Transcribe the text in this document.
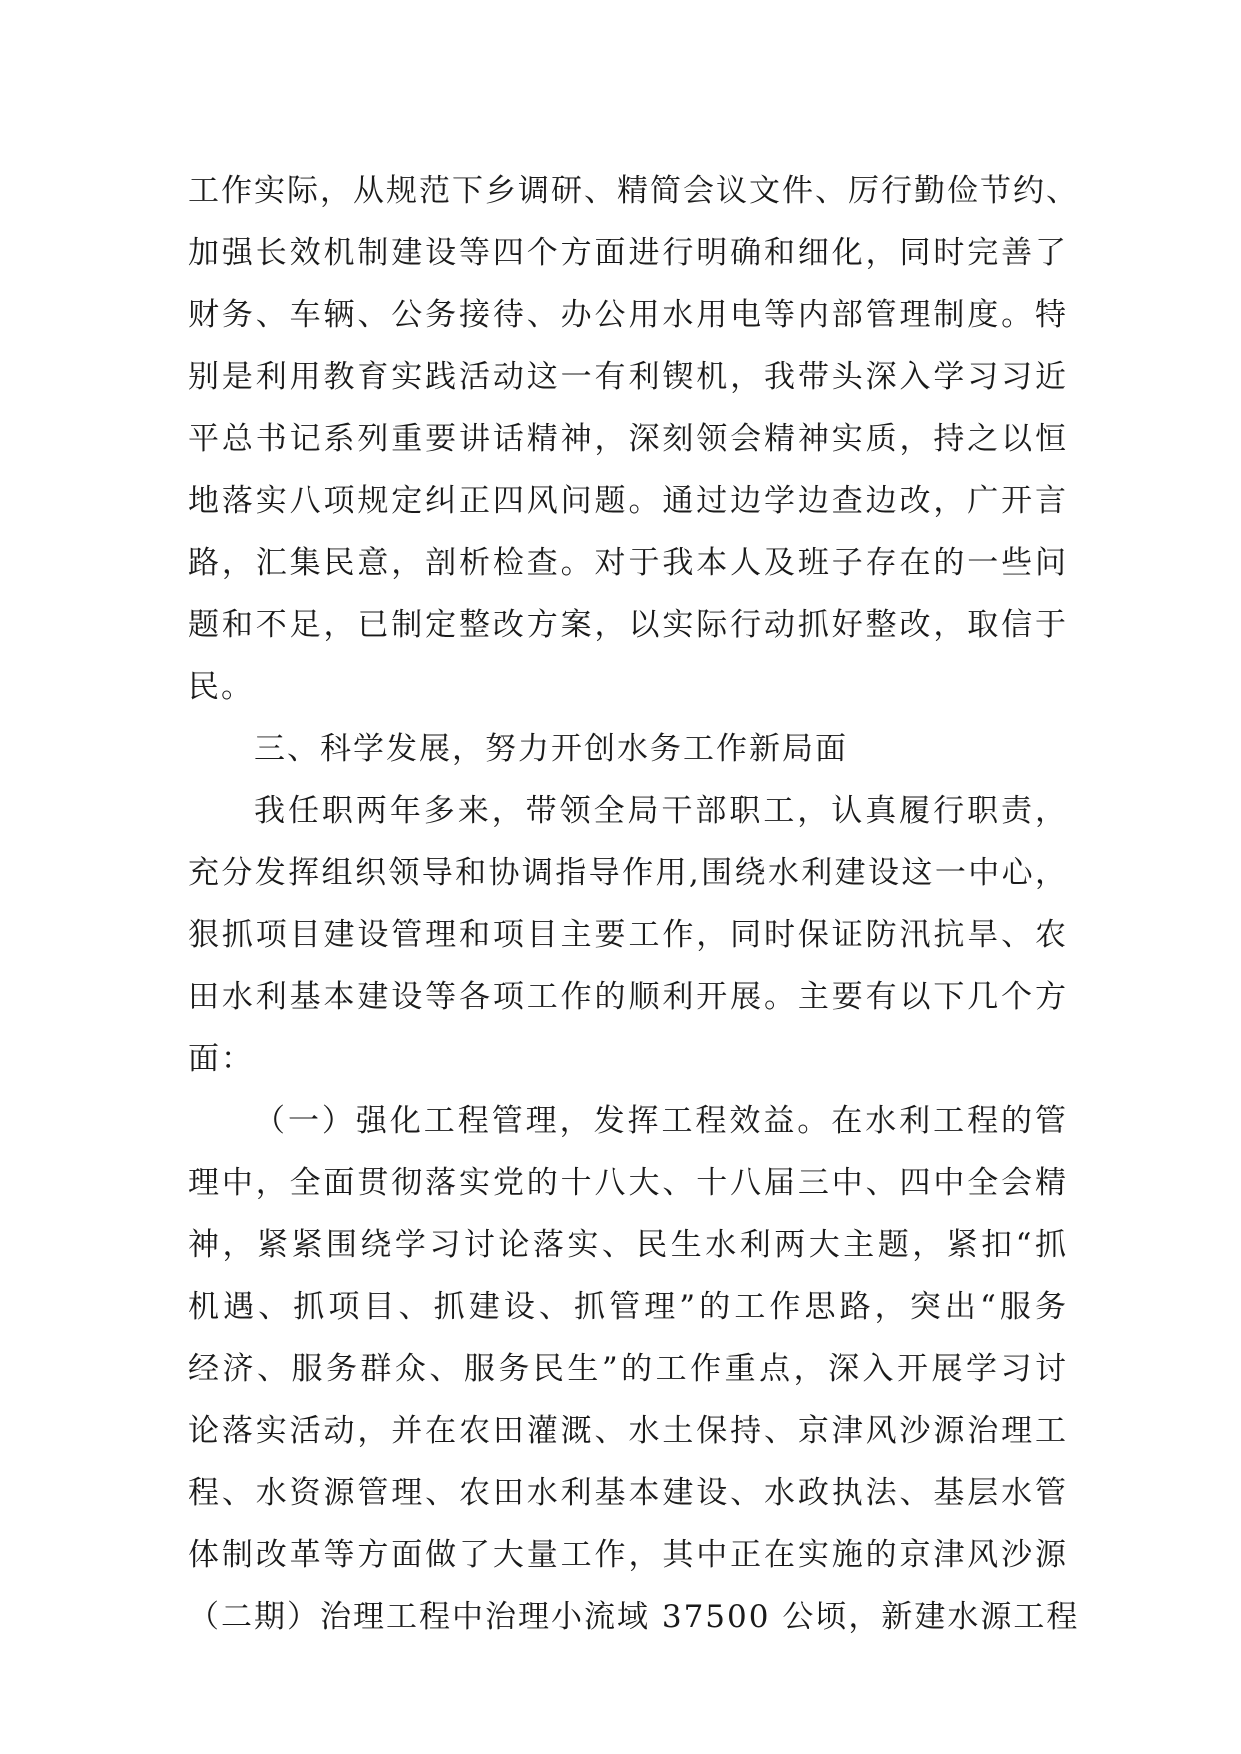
工作实际，从规范下乡调研、精简会议文件、厉行勤俭节约、
加强长效机制建设等四个方面进行明确和细化，同时完善了
财务、车辆、公务接待、办公用水用电等内部管理制度。特
别是利用教育实践活动这一有利锲机，我带头深入学习习近
平总书记系列重要讲话精神，深刻领会精神实质，持之以恒
地落实八项规定纠正四风问题。通过边学边查边改，广开言
路，汇集民意，剖析检查。对于我本人及班子存在的一些问
题和不足，已制定整改方案，以实际行动抓好整改，取信于
民。
三、科学发展，努力开创水务工作新局面
我任职两年多来，带领全局干部职工，认真履行职责，
充分发挥组织领导和协调指导作用,围绕水利建设这一中心，
狠抓项目建设管理和项目主要工作，同时保证防汛抗旱、农
田水利基本建设等各项工作的顺利开展。主要有以下几个方
面：
（一）强化工程管理，发挥工程效益。在水利工程的管
理中，全面贯彻落实党的十八大、十八届三中、四中全会精
神，紧紧围绕学习讨论落实、民生水利两大主题，紧扣“抓
机遇、抓项目、抓建设、抓管理”的工作思路，突出“服务
经济、服务群众、服务民生”的工作重点，深入开展学习讨
论落实活动，并在农田灌溉、水土保持、京津风沙源治理工
程、水资源管理、农田水利基本建设、水政执法、基层水管
体制改革等方面做了大量工作，其中正在实施的京津风沙源
（二期）治理工程中治理小流域 37500 公顷，新建水源工程
